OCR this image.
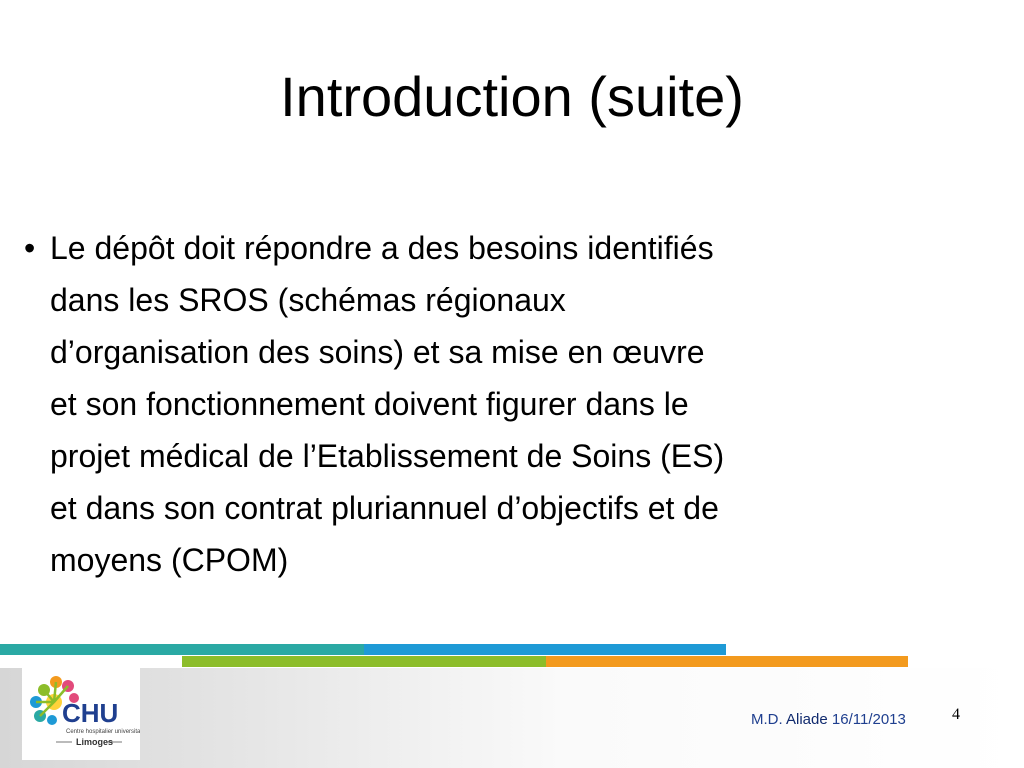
Introduction (suite)
• Le dépôt doit répondre a des besoins identifiés
dans les SROS (schémas régionaux
d’organisation des soins) et sa mise en œuvre
et son fonctionnement doivent figurer dans le
projet médical de l’Etablissement de Soins (ES)
et dans son contrat pluriannuel d’objectifs et de
moyens (CPOM)
CHU
Centre hospitalier universitaire
Limoges
M.D. Aliade 16/11/2013	4
